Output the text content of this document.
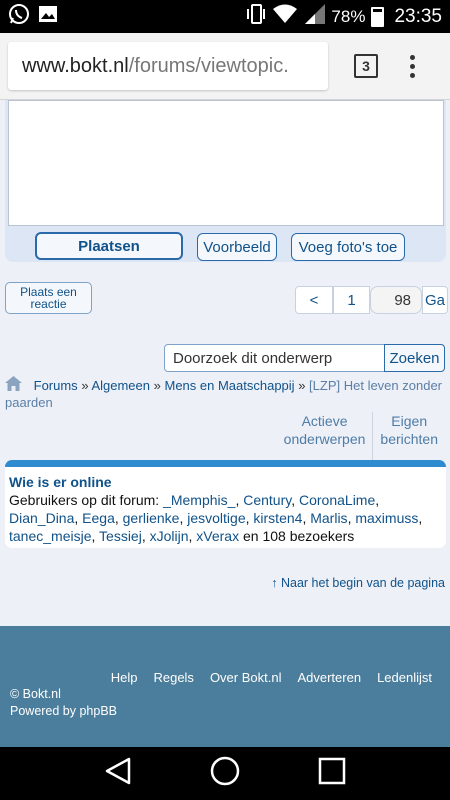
78% 23:35
www.bokt.nl /forums/viewtopic.	3
Plaatsen	Voorbeeld	Voeg foto's toe
Plaats een reactie	<	1	98 Ga
Doorzoek dit onderwerp	Zoeken
Forums » Algemeen » Mens en Maatschappij » [LZP] Het leven zonder paarden
Actieve
onderwerpen
Eigen
berichten
Wie is er online
Gebruikers op dit forum: _Memphis_, Century, CoronaLime, Dian_Dina, Eega, gerlienke, jesvoltige, kirsten4, Marlis, maximuss, tanec_meisje, Tessiej, xJolijn, xVerax en 108 bezoekers
↑ Naar het begin van de pagina
Help Regels Over Bokt.nl Adverteren Ledenlijst
© Bokt.nl
Powered by phpBB
